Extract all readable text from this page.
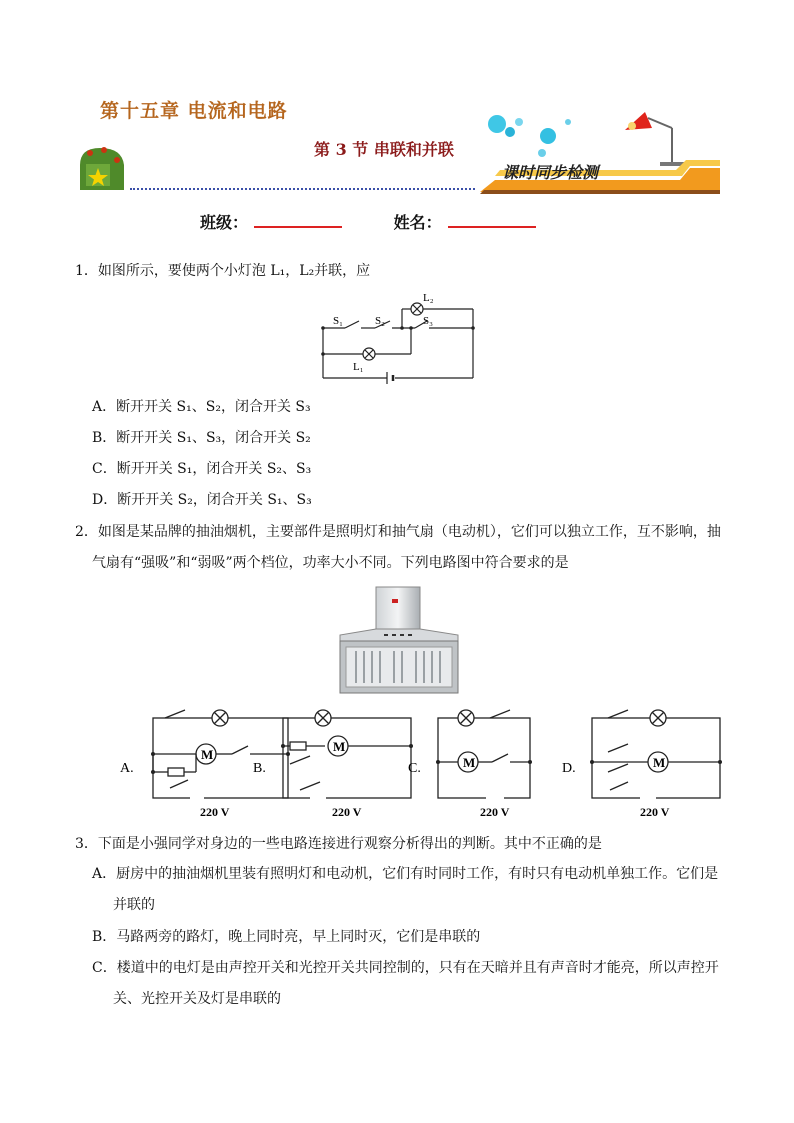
第十五章 电流和电路
第 3 节 串联和并联
课时同步检测
班级：	姓名：
1．如图所示，要使两个小灯泡 L₁，L₂并联，应
S₁	S₂	S₃
L₂
L₁
A．断开开关 S₁、S₂，闭合开关 S₃
B．断开开关 S₁、S₃，闭合开关 S₂
C．断开开关 S₁，闭合开关 S₂、S₃
D．断开开关 S₂，闭合开关 S₁、S₃
2．如图是某品牌的抽油烟机，主要部件是照明灯和抽气扇（电动机），它们可以独立工作，互不影响，抽
气扇有“强吸”和“弱吸”两个档位，功率大小不同。下列电路图中符合要求的是
M
M
M	M
A.	B.	C.	D.
220 V	220 V	220 V	220 V
3．下面是小强同学对身边的一些电路连接进行观察分析得出的判断。其中不正确的是
A．厨房中的抽油烟机里装有照明灯和电动机，它们有时同时工作，有时只有电动机单独工作。它们是
并联的
B．马路两旁的路灯，晚上同时亮，早上同时灭，它们是串联的
C．楼道中的电灯是由声控开关和光控开关共同控制的，只有在天暗并且有声音时才能亮，所以声控开
关、光控开关及灯是串联的
